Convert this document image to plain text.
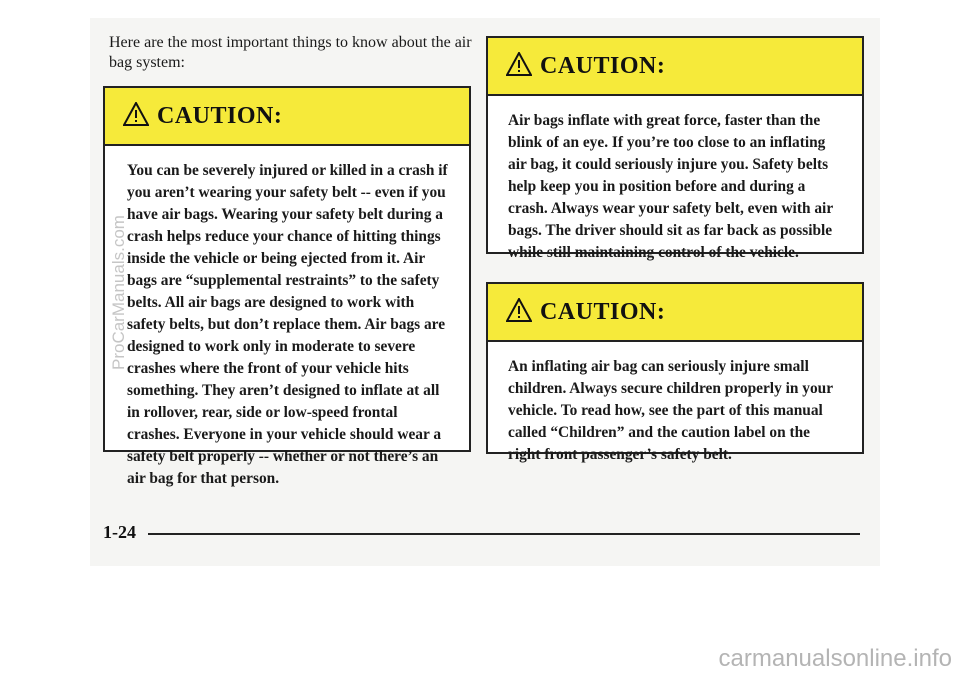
Here are the most important things to know about the air bag system:
CAUTION:
You can be severely injured or killed in a crash if you aren’t wearing your safety belt -- even if you have air bags. Wearing your safety belt during a crash helps reduce your chance of hitting things inside the vehicle or being ejected from it. Air bags are “supplemental restraints” to the safety belts. All air bags are designed to work with safety belts, but don’t replace them. Air bags are designed to work only in moderate to severe crashes where the front of your vehicle hits something. They aren’t designed to inflate at all in rollover, rear, side or low-speed frontal crashes. Everyone in your vehicle should wear a safety belt properly -- whether or not there’s an air bag for that person.
CAUTION:
Air bags inflate with great force, faster than the blink of an eye. If you’re too close to an inflating air bag, it could seriously injure you. Safety belts help keep you in position before and during a crash. Always wear your safety belt, even with air bags. The driver should sit as far back as possible while still maintaining control of the vehicle.
CAUTION:
An inflating air bag can seriously injure small children. Always secure children properly in your vehicle. To read how, see the part of this manual called “Children” and the caution label on the right front passenger’s safety belt.
1-24
ProCarManuals.com
carmanualsonline.info
